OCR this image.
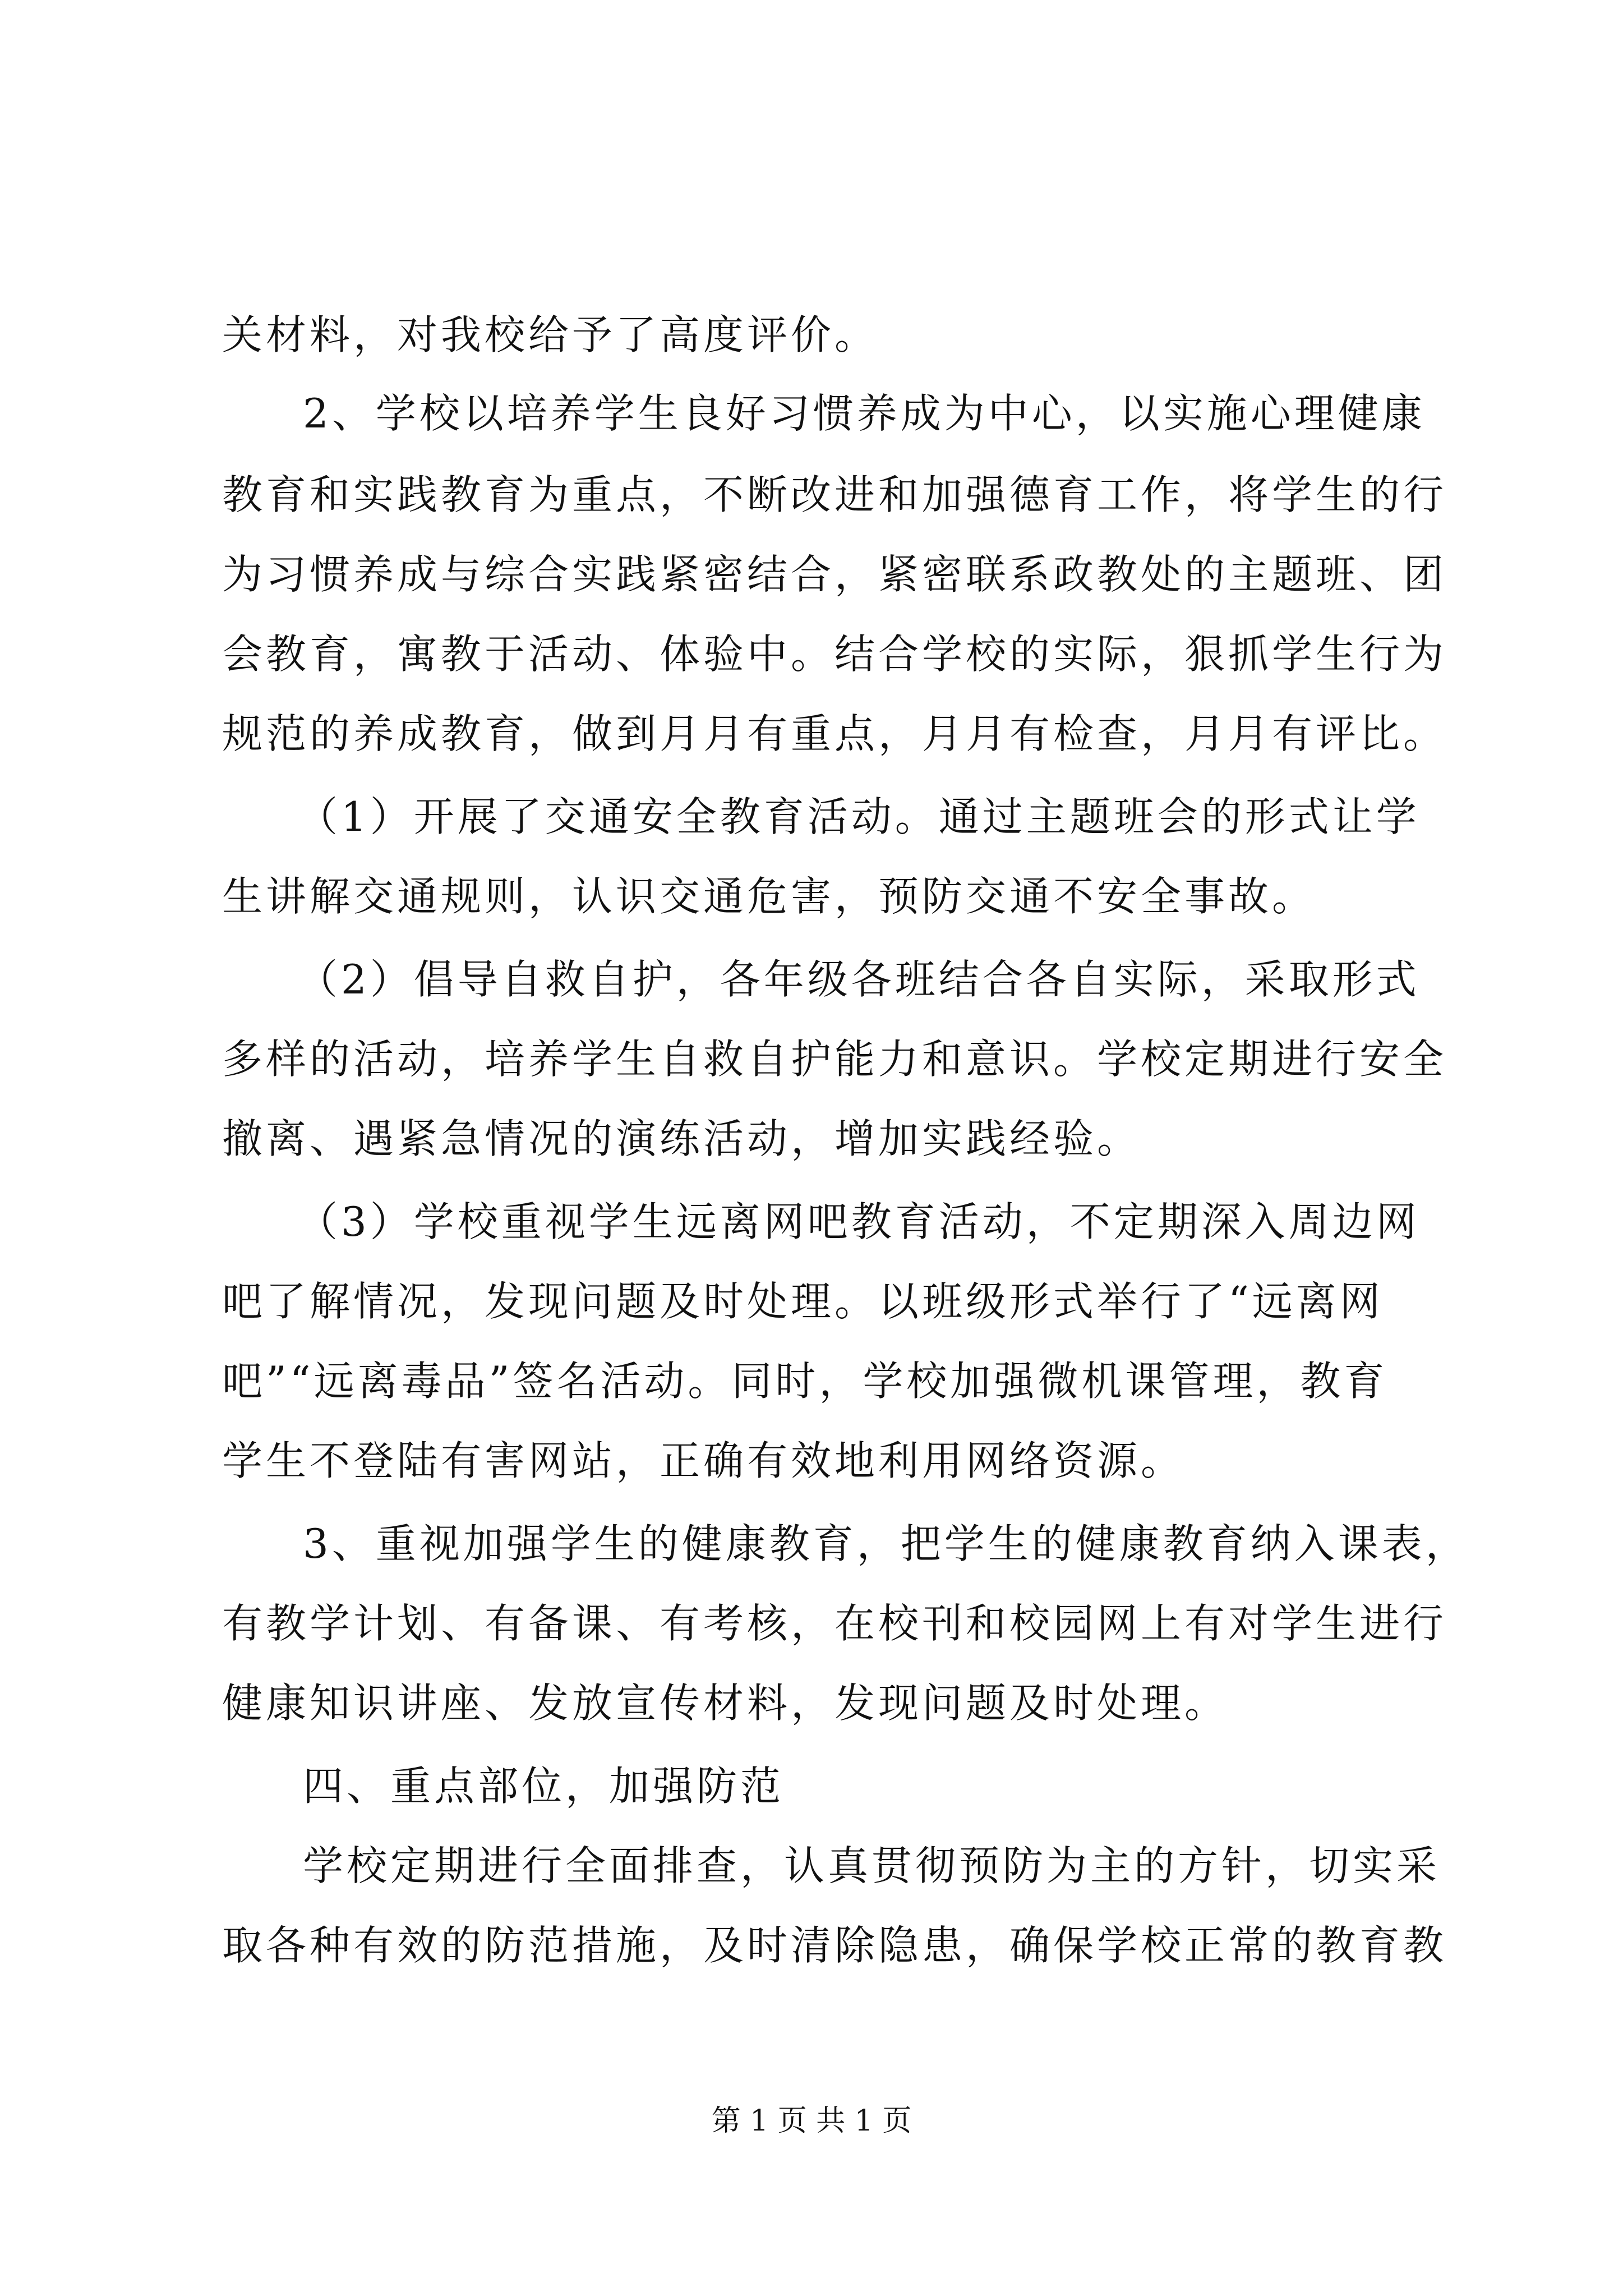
关材料，对我校给予了高度评价。
2、学校以培养学生良好习惯养成为中心，以实施心理健康
教育和实践教育为重点，不断改进和加强德育工作，将学生的行
为习惯养成与综合实践紧密结合，紧密联系政教处的主题班、团
会教育，寓教于活动、体验中。结合学校的实际，狠抓学生行为
规范的养成教育，做到月月有重点，月月有检查，月月有评比。
（1）开展了交通安全教育活动。通过主题班会的形式让学
生讲解交通规则，认识交通危害，预防交通不安全事故。
（2）倡导自救自护，各年级各班结合各自实际，采取形式
多样的活动，培养学生自救自护能力和意识。学校定期进行安全
撤离、遇紧急情况的演练活动，增加实践经验。
（3）学校重视学生远离网吧教育活动，不定期深入周边网
吧了解情况，发现问题及时处理。以班级形式举行了“远离网
吧”“远离毒品”签名活动。同时，学校加强微机课管理，教育
学生不登陆有害网站，正确有效地利用网络资源。
3、重视加强学生的健康教育，把学生的健康教育纳入课表，
有教学计划、有备课、有考核，在校刊和校园网上有对学生进行
健康知识讲座、发放宣传材料，发现问题及时处理。
四、重点部位，加强防范
学校定期进行全面排查，认真贯彻预防为主的方针，切实采
取各种有效的防范措施，及时清除隐患，确保学校正常的教育教
第 1 页 共 1 页
